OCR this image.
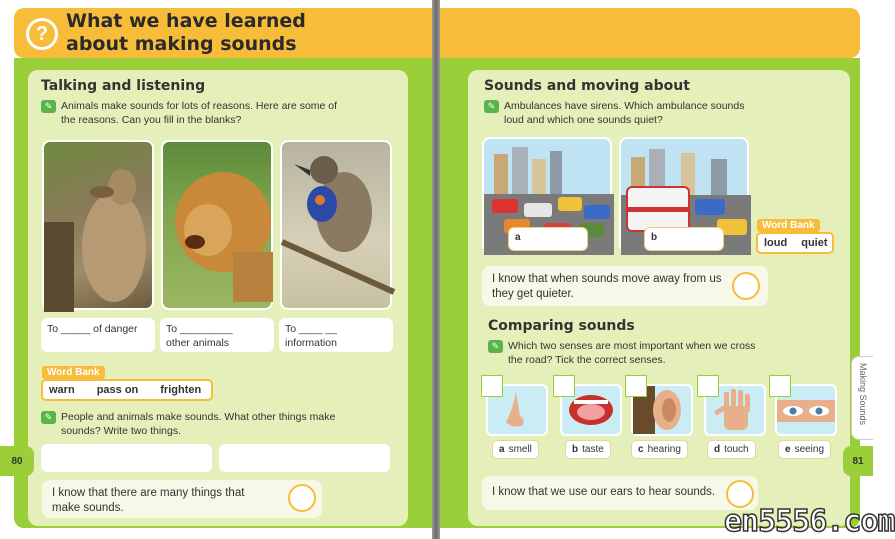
?
What we have learned
about making sounds
Talking and listening
✎ Animals make sounds for lots of reasons. Here are some of the reasons. Can you fill in the blanks?
To _____ of danger	To _________
other animals
To ____ __
information
Word Bank
warn pass on frighten
✎ People and animals make sounds. What other things make sounds? Write two things.
I know that there are many things that make sounds.
80
Sounds and moving about
✎ Ambulances have sirens. Which ambulance sounds loud and which one sounds quiet?
a	b
Word Bank
loud quiet
I know that when sounds move away from us they get quieter.
Comparing sounds
✎ Which two senses are most important when we cross the road? Tick the correct senses.
a smell	b taste	c hearing	d touch	e seeing
I know that we use our ears to hear sounds.
Making Sounds
81
en5556.com
